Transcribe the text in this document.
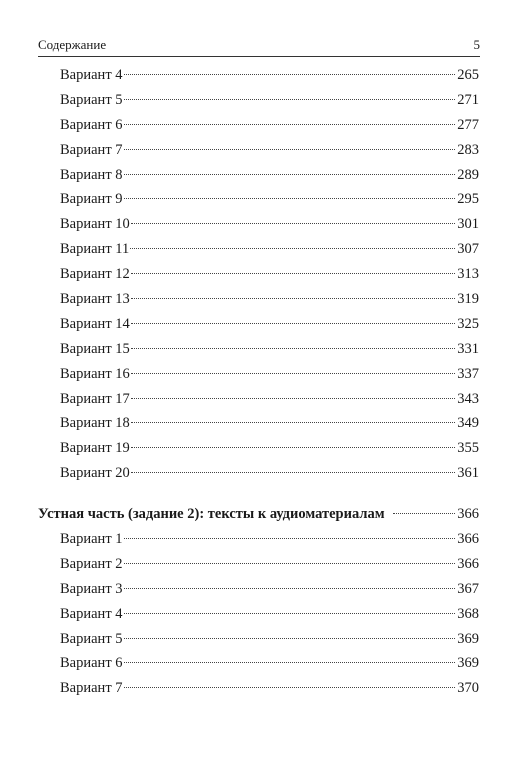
Содержание	5
Вариант 4	265
Вариант 5	271
Вариант 6	277
Вариант 7	283
Вариант 8	289
Вариант 9	295
Вариант 10	301
Вариант 11	307
Вариант 12	313
Вариант 13	319
Вариант 14	325
Вариант 15	331
Вариант 16	337
Вариант 17	343
Вариант 18	349
Вариант 19	355
Вариант 20	361
Устная часть (задание 2): тексты к аудиоматериалам	366
Вариант 1	366
Вариант 2	366
Вариант 3	367
Вариант 4	368
Вариант 5	369
Вариант 6	369
Вариант 7	370
